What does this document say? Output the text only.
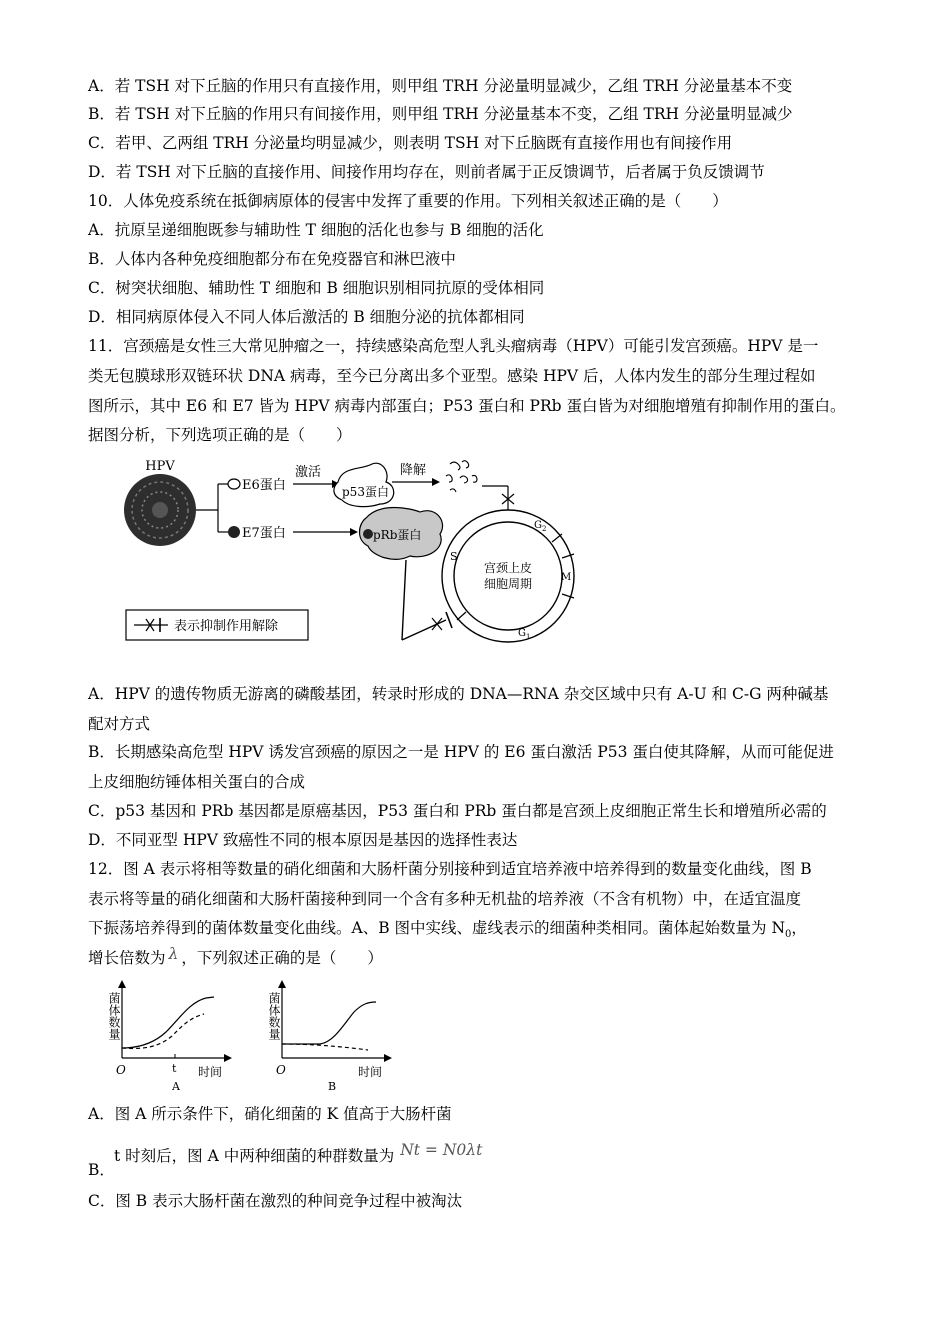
A．若 TSH 对下丘脑的作用只有直接作用，则甲组 TRH 分泌量明显减少，乙组 TRH 分泌量基本不变
B．若 TSH 对下丘脑的作用只有间接作用，则甲组 TRH 分泌量基本不变，乙组 TRH 分泌量明显减少
C．若甲、乙两组 TRH 分泌量均明显减少，则表明 TSH 对下丘脑既有直接作用也有间接作用
D．若 TSH 对下丘脑的直接作用、间接作用均存在，则前者属于正反馈调节，后者属于负反馈调节
10．人体免疫系统在抵御病原体的侵害中发挥了重要的作用。下列相关叙述正确的是（　　）
A．抗原呈递细胞既参与辅助性 T 细胞的活化也参与 B 细胞的活化
B．人体内各种免疫细胞都分布在免疫器官和淋巴液中
C．树突状细胞、辅助性 T 细胞和 B 细胞识别相同抗原的受体相同
D．相同病原体侵入不同人体后激活的 B 细胞分泌的抗体都相同
11．宫颈癌是女性三大常见肿瘤之一，持续感染高危型人乳头瘤病毒（HPV）可能引发宫颈癌。HPV 是一
类无包膜球形双链环状 DNA 病毒，至今已分离出多个亚型。感染 HPV 后，人体内发生的部分生理过程如
图所示，其中 E6 和 E7 皆为 HPV 病毒内部蛋白；P53 蛋白和 PRb 蛋白皆为对细胞增殖有抑制作用的蛋白。
据图分析，下列选项正确的是（　　）
HPV
E6蛋白
激活
p53蛋白
降解
E7蛋白	pRb蛋白
宫颈上皮
细胞周期
S
$G_2$
M
$G_1$
表示抑制作用解除
A．HPV 的遗传物质无游离的磷酸基团，转录时形成的 DNA—RNA 杂交区域中只有 A-U 和 C-G 两种碱基
配对方式
B．长期感染高危型 HPV 诱发宫颈癌的原因之一是 HPV 的 E6 蛋白激活 P53 蛋白使其降解，从而可能促进
上皮细胞纺锤体相关蛋白的合成
C．p53 基因和 PRb 基因都是原癌基因，P53 蛋白和 PRb 蛋白都是宫颈上皮细胞正常生长和增殖所必需的
D．不同亚型 HPV 致癌性不同的根本原因是基因的选择性表达
12．图 A 表示将相等数量的硝化细菌和大肠杆菌分别接种到适宜培养液中培养得到的数量变化曲线，图 B
表示将等量的硝化细菌和大肠杆菌接种到同一个含有多种无机盐的培养液（不含有机物）中，在适宜温度
下振荡培养得到的菌体数量变化曲线。A、B 图中实线、虚线表示的细菌种类相同。菌体起始数量为 $N_0$，
增长倍数为 λ ，下列叙述正确的是（　　）
菌体数量
O	t 时间
A
菌体数量
O	时间
B
A．图 A 所示条件下，硝化细菌的 K 值高于大肠杆菌
B．
t 时刻后，图 A 中两种细菌的种群数量为 Nt = N0λt
C．图 B 表示大肠杆菌在激烈的种间竞争过程中被淘汰
